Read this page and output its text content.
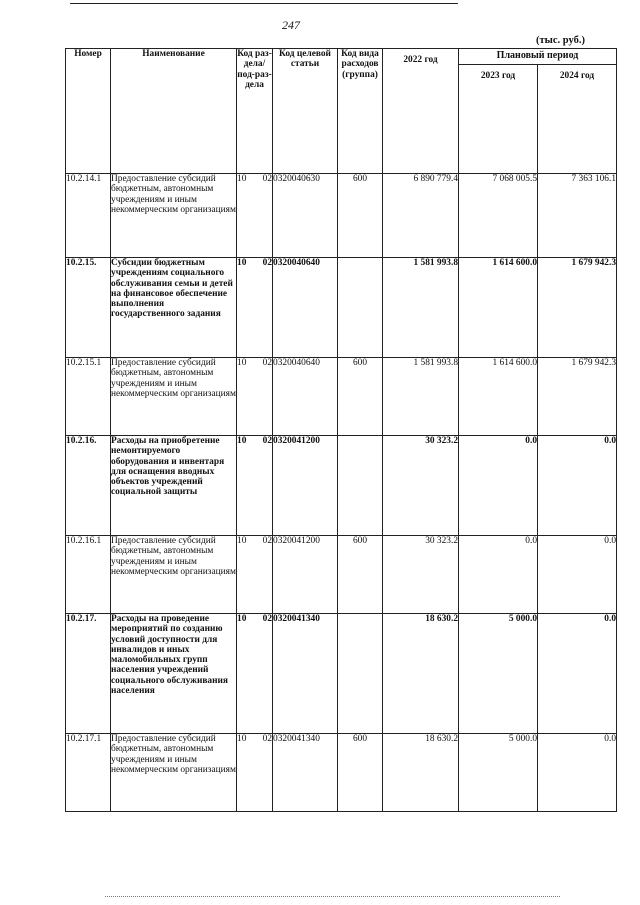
247
(тыс. руб.)
Номер	Наименование	Код раз-дела/ под-раз-дела	Код целевой статьи	Код вида расходов (группа)	2022 год	Плановый период	
						2023 год	2024 год
10.2.14.1	Предоставление субсидий бюджетным, автономным учреждениям и иным некоммерческим организациям	10 02	0320040630	600	6 890 779.4	7 068 005.5	7 363 106.1
10.2.15.	Субсидии бюджетным учреждениям социального обслуживания семьи и детей на финансовое обеспечение выполнения государственного задания	10 02	0320040640		1 581 993.8	1 614 600.0	1 679 942.3
10.2.15.1	Предоставление субсидий бюджетным, автономным учреждениям и иным некоммерческим организациям	10 02	0320040640	600	1 581 993.8	1 614 600.0	1 679 942.3
10.2.16.	Расходы на приобретение немонтируемого оборудования и инвентаря для оснащения вводных объектов учреждений социальной защиты	10 02	0320041200		30 323.2	0.0	0.0
10.2.16.1	Предоставление субсидий бюджетным, автономным учреждениям и иным некоммерческим организациям	10 02	0320041200	600	30 323.2	0.0	0.0
10.2.17.	Расходы на проведение мероприятий по созданию условий доступности для инвалидов и иных маломобильных групп населения учреждений социального обслуживания населения	10 02	0320041340		18 630.2	5 000.0	0.0
10.2.17.1	Предоставление субсидий бюджетным, автономным учреждениям и иным некоммерческим организациям	10 02	0320041340	600	18 630.2	5 000.0	0.0
